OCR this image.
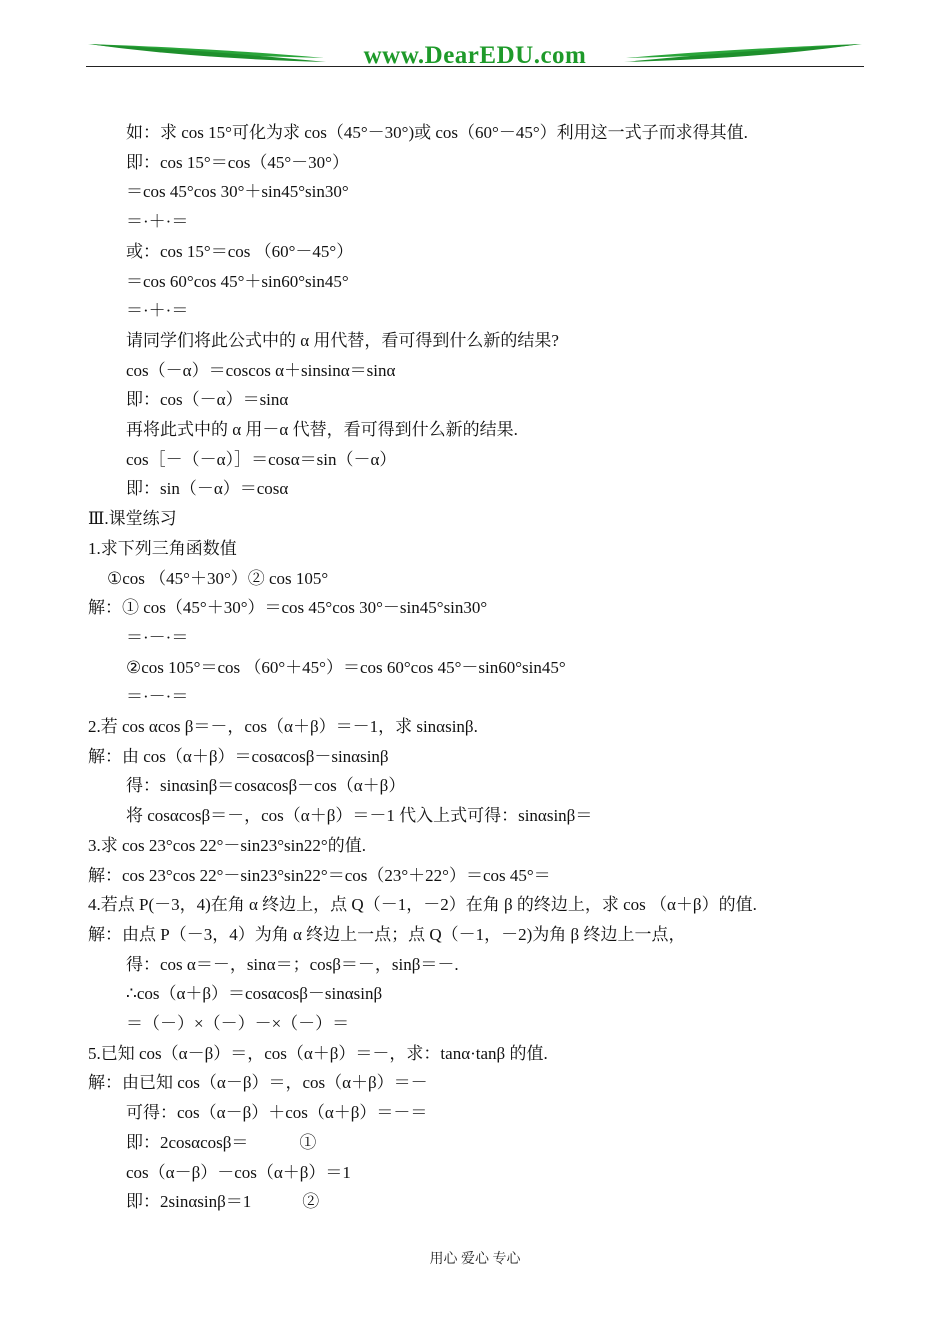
www.DearEDU.com
如：求 cos 15°可化为求 cos（45°－30°)或 cos（60°－45°）利用这一式子而求得其值.
即：cos 15°＝cos（45°－30°）
＝cos 45°cos 30°＋sin45°sin30°
＝·＋·＝
或：cos 15°＝cos （60°－45°）
＝cos 60°cos 45°＋sin60°sin45°
＝·＋·＝
请同学们将此公式中的 α 用代替，看可得到什么新的结果?
cos（－α）＝coscos α＋sinsinα＝sinα
即：cos（－α）＝sinα
再将此式中的 α 用－α 代替，看可得到什么新的结果.
cos［－（－α）］＝cosα＝sin（－α）
即：sin（－α）＝cosα
Ⅲ.课堂练习
1.求下列三角函数值
①cos （45°＋30°）② cos 105°
解：① cos（45°＋30°）＝cos 45°cos 30°－sin45°sin30°
＝·－·＝
②cos 105°＝cos （60°＋45°）＝cos 60°cos 45°－sin60°sin45°
＝·－·＝
2.若 cos αcos β＝－，cos（α＋β）＝－1，求 sinαsinβ.
解：由 cos（α＋β）＝cosαcosβ－sinαsinβ
得：sinαsinβ＝cosαcosβ－cos（α＋β）
将 cosαcosβ＝－，cos（α＋β）＝－1 代入上式可得：sinαsinβ＝
3.求 cos 23°cos 22°－sin23°sin22°的值.
解：cos 23°cos 22°－sin23°sin22°＝cos（23°＋22°）＝cos 45°＝
4.若点 P(－3，4)在角 α 终边上，点 Q（－1，－2）在角 β 的终边上，求 cos （α＋β）的值.
解：由点 P（－3，4）为角 α 终边上一点；点 Q（－1，－2)为角 β 终边上一点，
得：cos α＝－，sinα＝；cosβ＝－，sinβ＝－.
∴cos（α＋β）＝cosαcosβ－sinαsinβ
＝（－）×（－）－×（－）＝
5.已知 cos（α－β）＝，cos（α＋β）＝－，求：tanα·tanβ 的值.
解：由已知 cos（α－β）＝，cos（α＋β）＝－
可得：cos（α－β）＋cos（α＋β）＝－＝
即：2cosαcosβ＝　　　①
cos（α－β）－cos（α＋β）＝1
即：2sinαsinβ＝1　　　②
用心 爱心 专心
